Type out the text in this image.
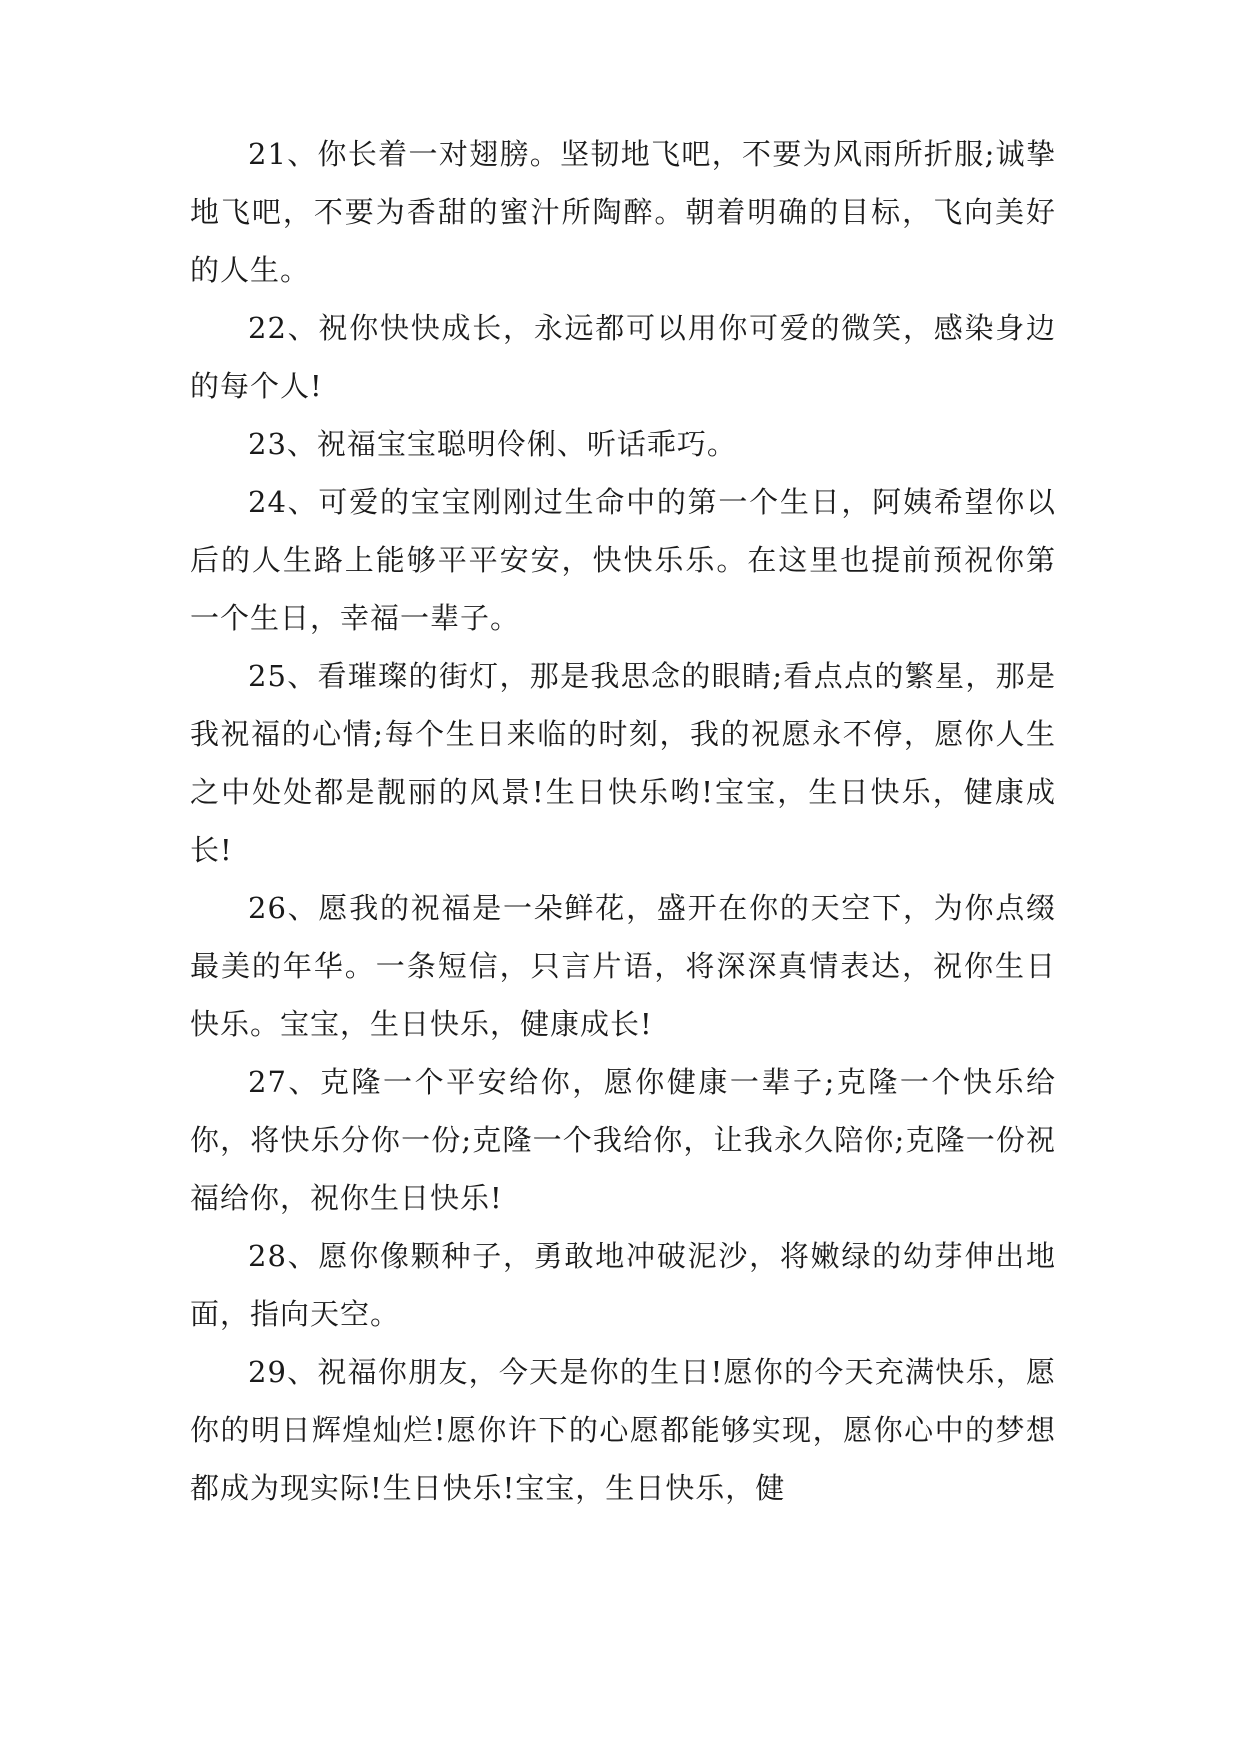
21、你长着一对翅膀。坚韧地飞吧，不要为风雨所折服;诚挚地飞吧，不要为香甜的蜜汁所陶醉。朝着明确的目标，飞向美好的人生。

22、祝你快快成长，永远都可以用你可爱的微笑，感染身边的每个人!

23、祝福宝宝聪明伶俐、听话乖巧。

24、可爱的宝宝刚刚过生命中的第一个生日，阿姨希望你以后的人生路上能够平平安安，快快乐乐。在这里也提前预祝你第一个生日，幸福一辈子。

25、看璀璨的街灯，那是我思念的眼睛;看点点的繁星，那是我祝福的心情;每个生日来临的时刻，我的祝愿永不停，愿你人生之中处处都是靓丽的风景!生日快乐哟!宝宝，生日快乐，健康成长!

26、愿我的祝福是一朵鲜花，盛开在你的天空下，为你点缀最美的年华。一条短信，只言片语，将深深真情表达，祝你生日快乐。宝宝，生日快乐，健康成长!

27、克隆一个平安给你，愿你健康一辈子;克隆一个快乐给你，将快乐分你一份;克隆一个我给你，让我永久陪你;克隆一份祝福给你，祝你生日快乐!

28、愿你像颗种子，勇敢地冲破泥沙，将嫩绿的幼芽伸出地面，指向天空。

29、祝福你朋友，今天是你的生日!愿你的今天充满快乐，愿你的明日辉煌灿烂!愿你许下的心愿都能够实现，愿你心中的梦想都成为现实际!生日快乐!宝宝，生日快乐，健
